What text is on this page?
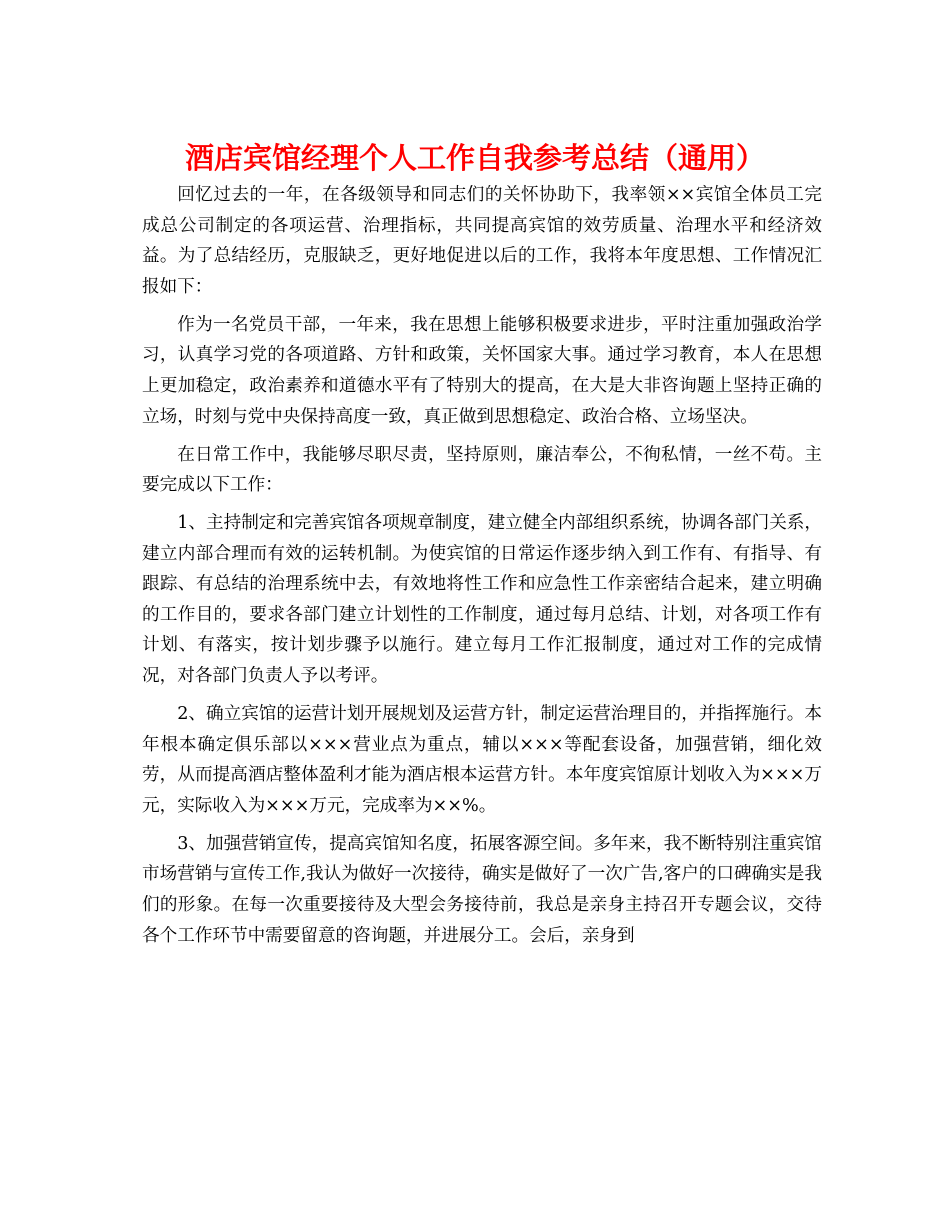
酒店宾馆经理个人工作自我参考总结（通用）

回忆过去的一年，在各级领导和同志们的关怀协助下，我率领××宾馆全体员工完成总公司制定的各项运营、治理指标，共同提高宾馆的效劳质量、治理水平和经济效益。为了总结经历，克服缺乏，更好地促进以后的工作，我将本年度思想、工作情况汇报如下：

作为一名党员干部，一年来，我在思想上能够积极要求进步，平时注重加强政治学习，认真学习党的各项道路、方针和政策，关怀国家大事。通过学习教育，本人在思想上更加稳定，政治素养和道德水平有了特别大的提高，在大是大非咨询题上坚持正确的立场，时刻与党中央保持高度一致，真正做到思想稳定、政治合格、立场坚决。

在日常工作中，我能够尽职尽责，坚持原则，廉洁奉公，不徇私情，一丝不苟。主要完成以下工作：

1、主持制定和完善宾馆各项规章制度，建立健全内部组织系统，协调各部门关系，建立内部合理而有效的运转机制。为使宾馆的日常运作逐步纳入到工作有、有指导、有跟踪、有总结的治理系统中去，有效地将性工作和应急性工作亲密结合起来，建立明确的工作目的，要求各部门建立计划性的工作制度，通过每月总结、计划，对各项工作有计划、有落实，按计划步骤予以施行。建立每月工作汇报制度，通过对工作的完成情况，对各部门负责人予以考评。

2、确立宾馆的运营计划开展规划及运营方针，制定运营治理目的，并指挥施行。本年根本确定俱乐部以×××营业点为重点，辅以×××等配套设备，加强营销，细化效劳，从而提高酒店整体盈利才能为酒店根本运营方针。本年度宾馆原计划收入为×××万元，实际收入为×××万元，完成率为××%。

3、加强营销宣传，提高宾馆知名度，拓展客源空间。多年来，我不断特别注重宾馆市场营销与宣传工作,我认为做好一次接待，确实是做好了一次广告,客户的口碑确实是我们的形象。在每一次重要接待及大型会务接待前，我总是亲身主持召开专题会议，交待各个工作环节中需要留意的咨询题，并进展分工。会后，亲身到
